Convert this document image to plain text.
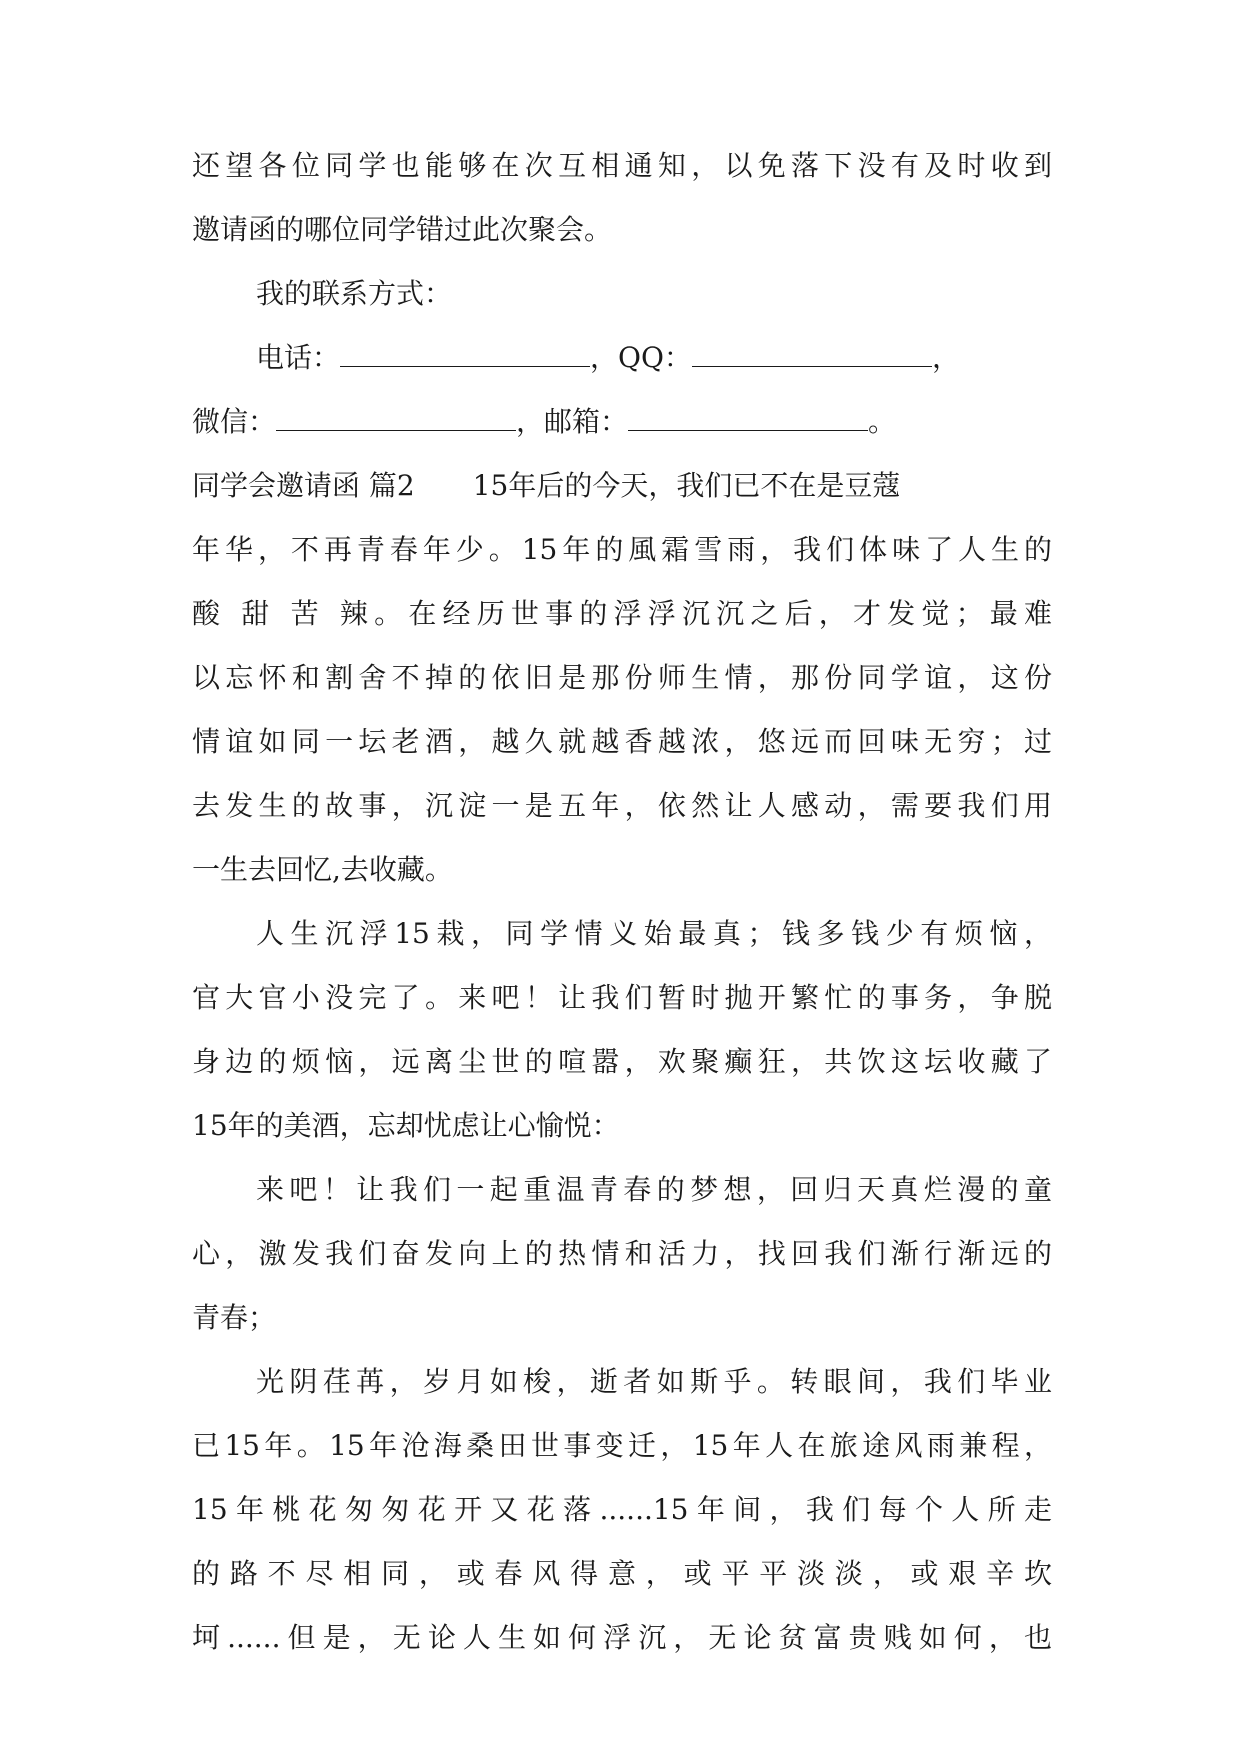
还望各位同学也能够在次互相通知，以免落下没有及时收到
邀请函的哪位同学错过此次聚会。
我的联系方式：
电话：	，QQ：	，
微信：	，邮箱：	。
同学会邀请函 篇2 15年后的今天，我们已不在是豆蔻
年华，不再青春年少。15年的風霜雪雨，我们体味了人生的
酸 甜 苦 辣。在经历世事的浮浮沉沉之后，才发觉；最难
以忘怀和割舍不掉的依旧是那份师生情，那份同学谊，这份
情谊如同一坛老酒，越久就越香越浓，悠远而回味无穷；过
去发生的故事，沉淀一是五年，依然让人感动，需要我们用
一生去回忆,去收藏。
人生沉浮15栽，同学情义始最真；钱多钱少有烦恼，
官大官小没完了。来吧！让我们暂时抛开繁忙的事务，争脱
身边的烦恼，远离尘世的喧嚣，欢聚癫狂，共饮这坛收藏了
15年的美酒，忘却忧虑让心愉悦：
来吧！让我们一起重温青春的梦想，回归天真烂漫的童
心，激发我们奋发向上的热情和活力，找回我们渐行渐远的
青春；
光阴荏苒，岁月如梭，逝者如斯乎。转眼间，我们毕业
已15年。15年沧海桑田世事变迁，15年人在旅途风雨兼程，
15年桃花匆匆花开又花落......15年间，我们每个人所走
的路不尽相同，或春风得意，或平平淡淡，或艰辛坎
坷......但是，无论人生如何浮沉，无论贫富贵贱如何，也
